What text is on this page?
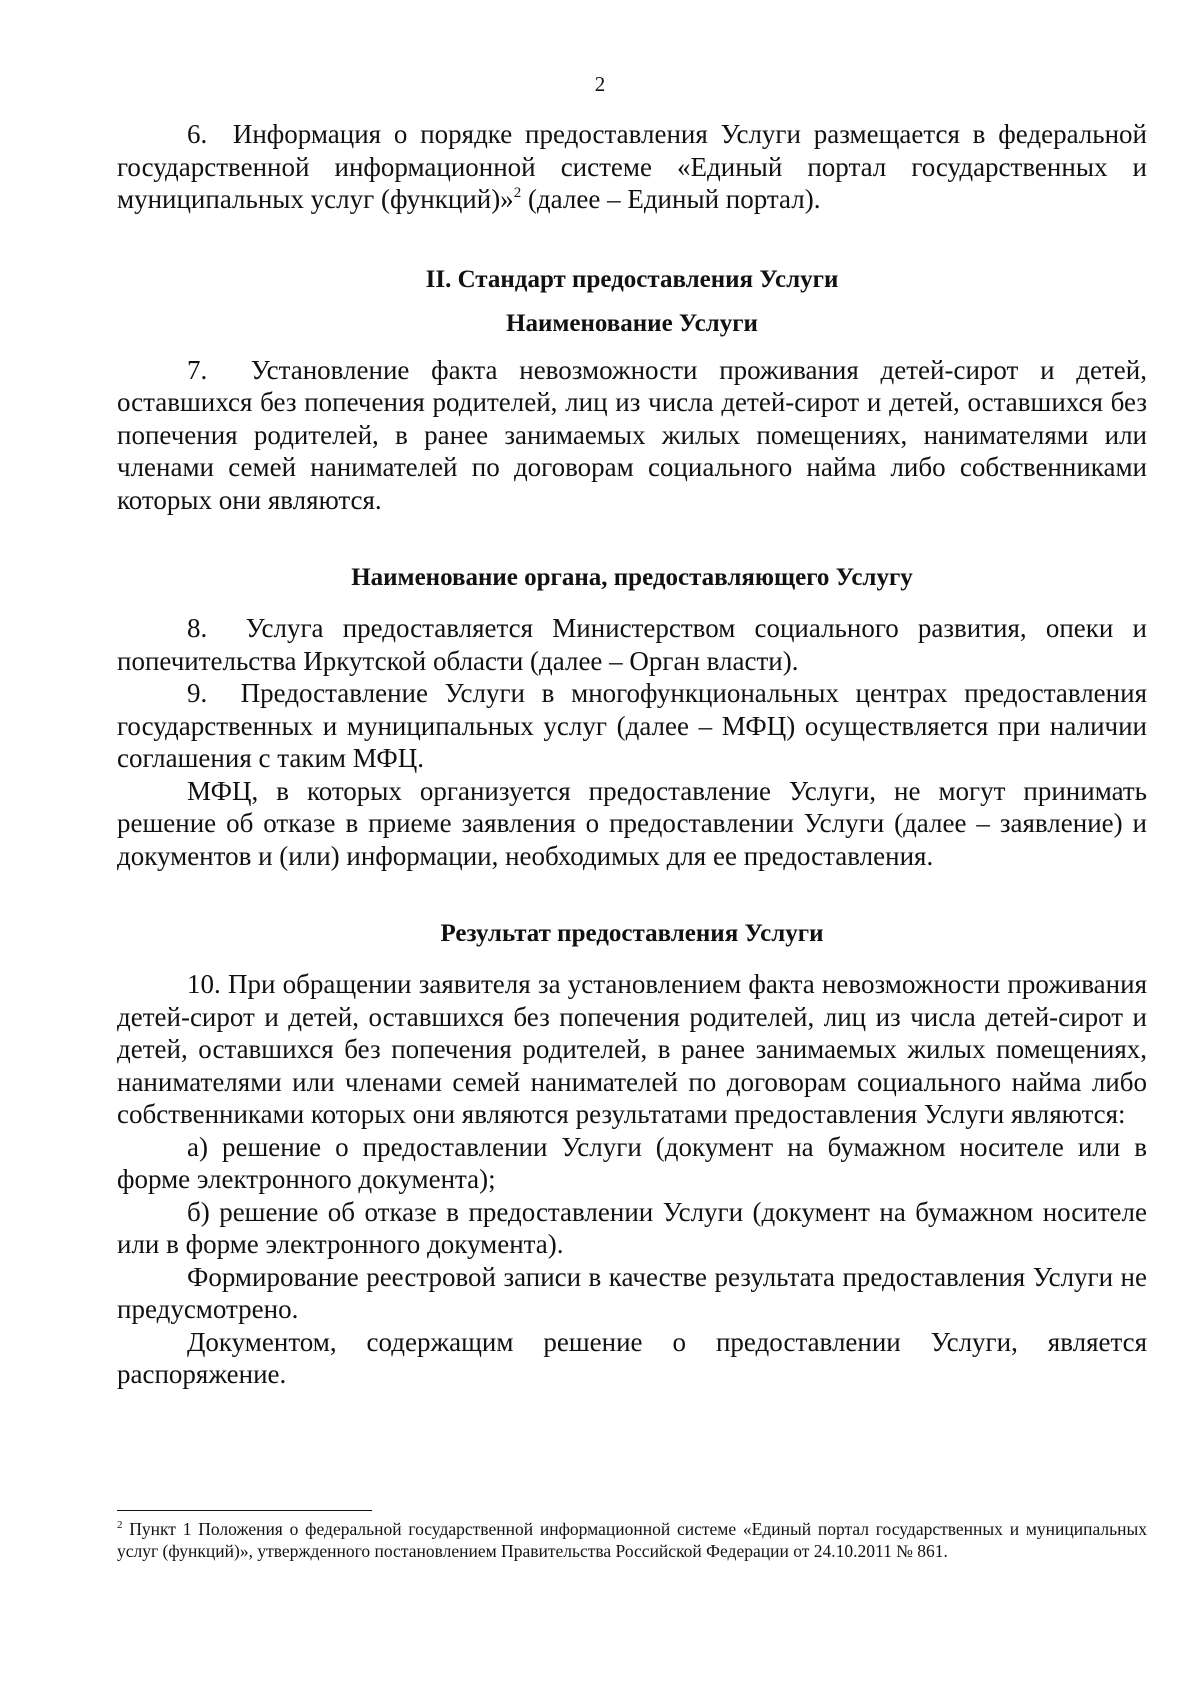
2

6.  Информация о порядке предоставления Услуги размещается в федеральной государственной информационной системе «Единый портал государственных и муниципальных услуг (функций)»$^2$ (далее – Единый портал).

II. Стандарт предоставления Услуги
Наименование Услуги

7.  Установление факта невозможности проживания детей-сирот и детей, оставшихся без попечения родителей, лиц из числа детей-сирот и детей, оставшихся без попечения родителей, в ранее занимаемых жилых помещениях, нанимателями или членами семей нанимателей по договорам социального найма либо собственниками которых они являются.

Наименование органа, предоставляющего Услугу

8.  Услуга предоставляется Министерством социального развития, опеки и попечительства Иркутской области (далее – Орган власти).

9.  Предоставление Услуги в многофункциональных центрах предоставления государственных и муниципальных услуг (далее – МФЦ) осуществляется при наличии соглашения с таким МФЦ.

МФЦ, в которых организуется предоставление Услуги, не могут принимать решение об отказе в приеме заявления о предоставлении Услуги (далее – заявление) и документов и (или) информации, необходимых для ее предоставления.

Результат предоставления Услуги

10. При обращении заявителя за установлением факта невозможности проживания детей-сирот и детей, оставшихся без попечения родителей, лиц из числа детей-сирот и детей, оставшихся без попечения родителей, в ранее занимаемых жилых помещениях, нанимателями или членами семей нанимателей по договорам социального найма либо собственниками которых они являются результатами предоставления Услуги являются:

а) решение о предоставлении Услуги (документ на бумажном носителе или в форме электронного документа);

б) решение об отказе в предоставлении Услуги (документ на бумажном носителе или в форме электронного документа).

Формирование реестровой записи в качестве результата предоставления Услуги не предусмотрено.

Документом, содержащим решение о предоставлении Услуги, является распоряжение.

$^2$ Пункт 1 Положения о федеральной государственной информационной системе «Единый портал государственных и муниципальных услуг (функций)», утвержденного постановлением Правительства Российской Федерации от 24.10.2011 № 861.
